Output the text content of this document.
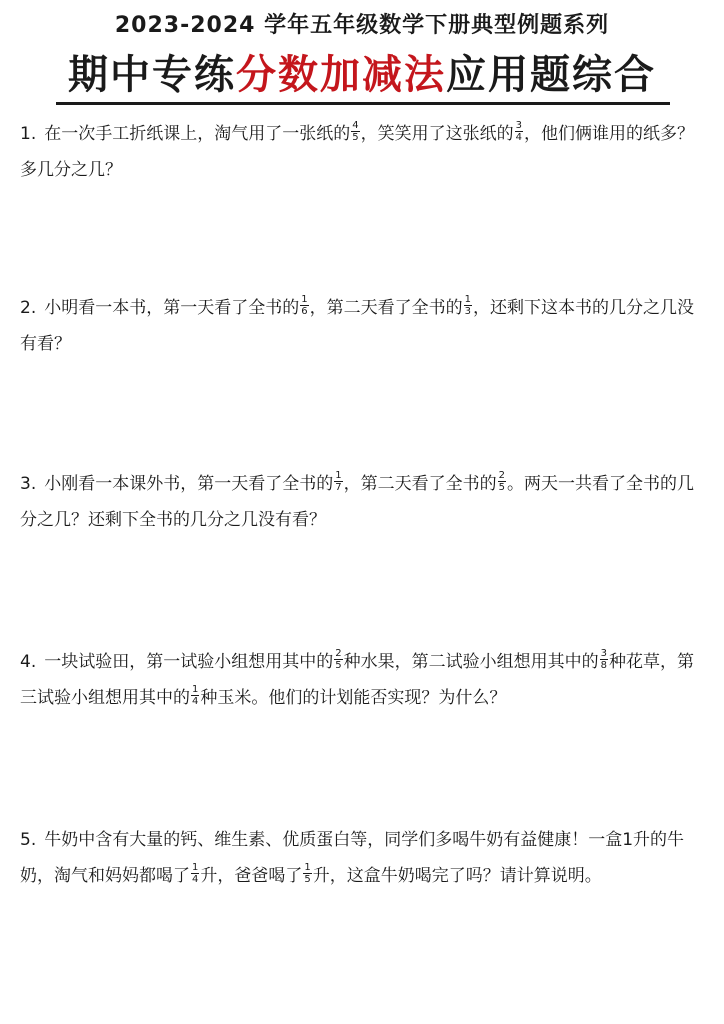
2023-2024 学年五年级数学下册典型例题系列
期中专练分数加减法应用题综合
1. 在一次手工折纸课上，淘气用了一张纸的 $\frac{4}{5}$ ，笑笑用了这张纸的 $\frac{3}{4}$ ，他们俩谁用的纸多？多几分之几？
2. 小明看一本书，第一天看了全书的 $\frac{1}{6}$ ，第二天看了全书的 $\frac{1}{3}$ ，还剩下这本书的几分之几没有看？
3. 小刚看一本课外书，第一天看了全书的 $\frac{1}{7}$ ，第二天看了全书的 $\frac{2}{5}$ 。两天一共看了全书的几分之几？还剩下全书的几分之几没有看？
4. 一块试验田，第一试验小组想用其中的 $\frac{2}{5}$ 种水果，第二试验小组想用其中的 $\frac{3}{8}$ 种花草，第三试验小组想用其中的 $\frac{1}{4}$ 种玉米。他们的计划能否实现？为什么？
5. 牛奶中含有大量的钙、维生素、优质蛋白等，同学们多喝牛奶有益健康！一盒1升的牛奶，淘气和妈妈都喝了 $\frac{1}{4}$ 升，爸爸喝了 $\frac{1}{5}$ 升，这盒牛奶喝完了吗？请计算说明。
